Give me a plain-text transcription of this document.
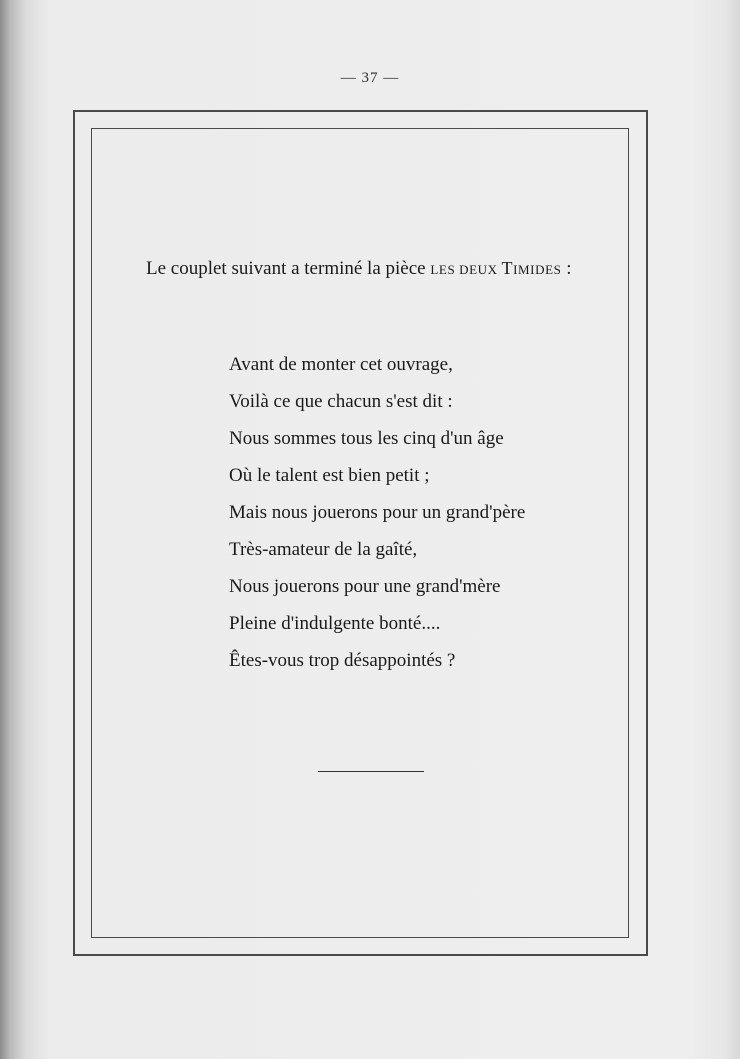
— 37 —
Le couplet suivant a terminé la pièce LES DEUX TIMIDES :
Avant de monter cet ouvrage,
Voilà ce que chacun s'est dit :
Nous sommes tous les cinq d'un âge
Où le talent est bien petit ;
Mais nous jouerons pour un grand'père
Très-amateur de la gaîté,
Nous jouerons pour une grand'mère
Pleine d'indulgente bonté....
Êtes-vous trop désappointés ?
